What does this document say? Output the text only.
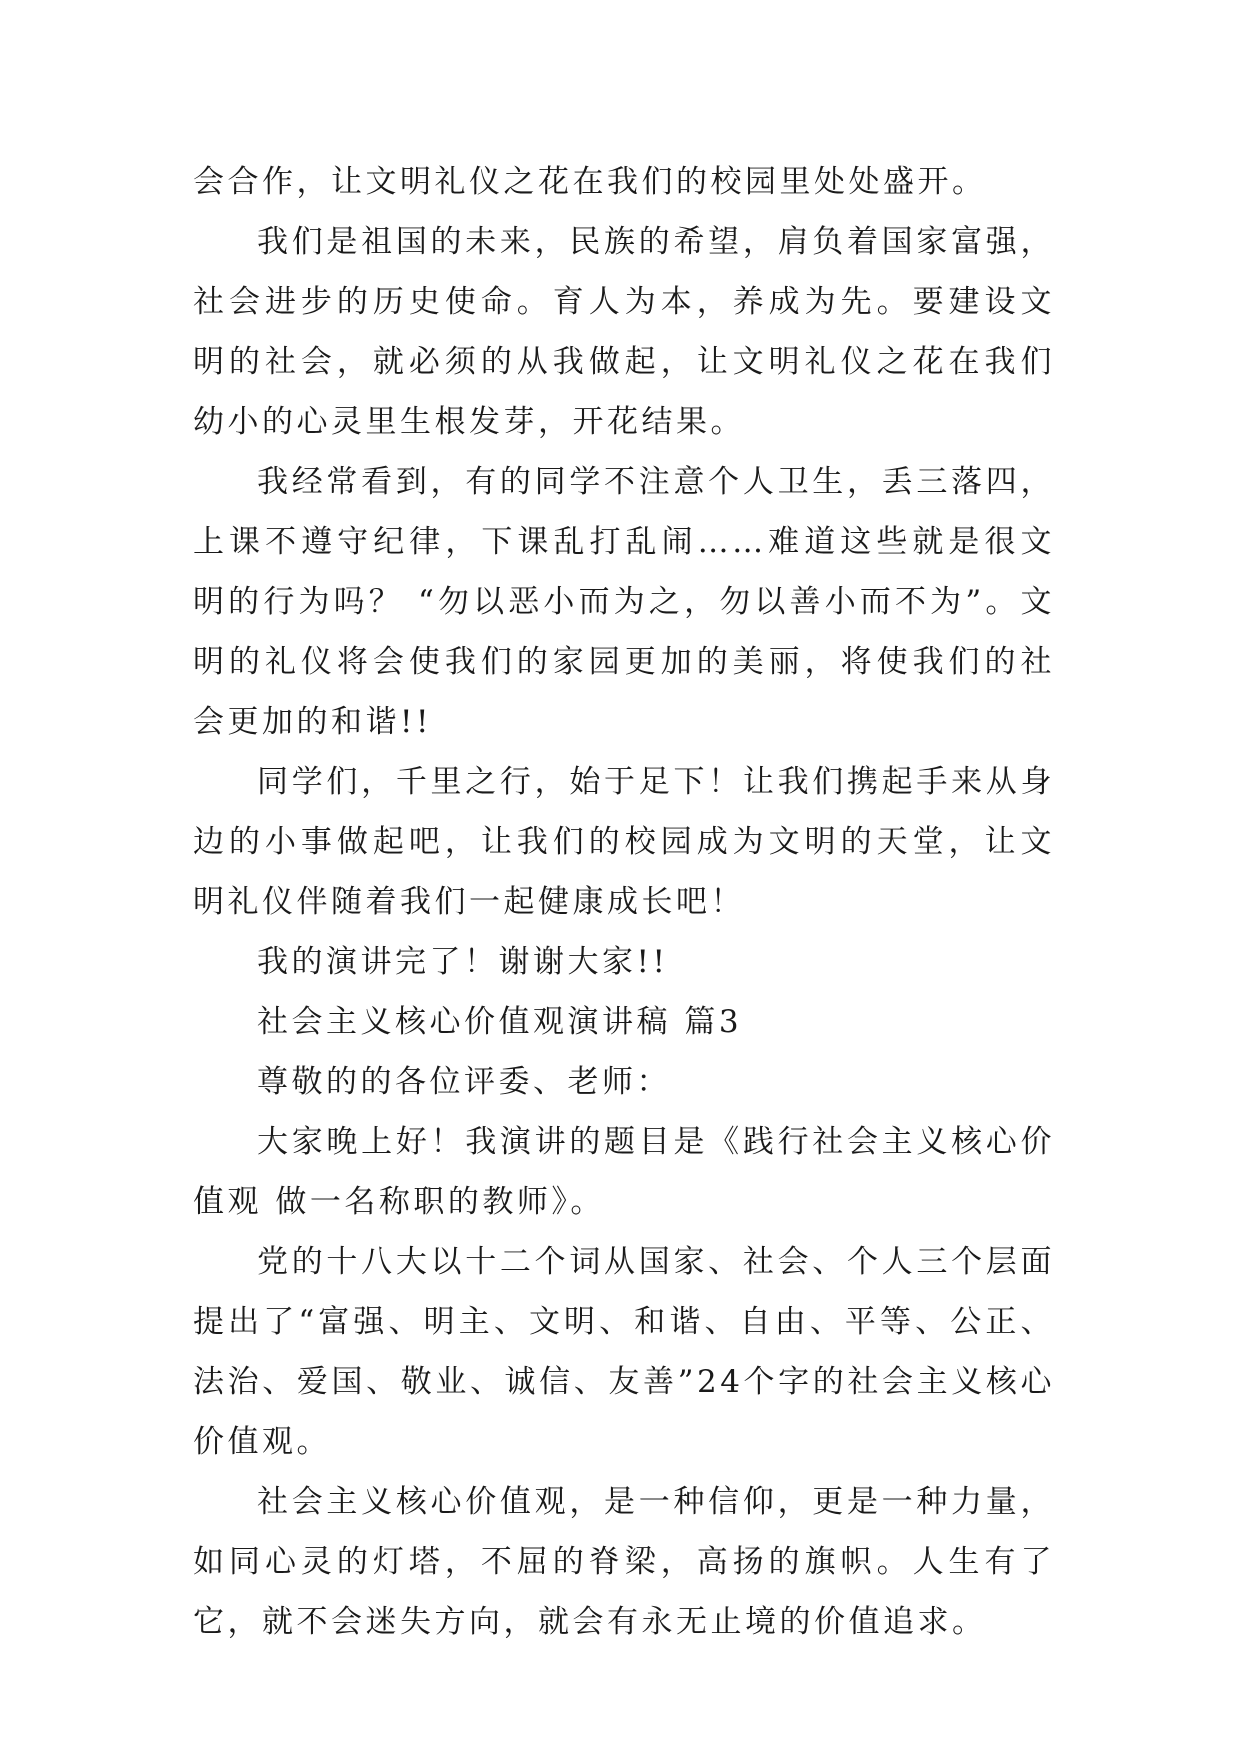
会合作，让文明礼仪之花在我们的校园里处处盛开。

我们是祖国的未来，民族的希望，肩负着国家富强，社会进步的历史使命。育人为本，养成为先。要建设文明的社会，就必须的从我做起，让文明礼仪之花在我们幼小的心灵里生根发芽，开花结果。

我经常看到，有的同学不注意个人卫生，丢三落四，上课不遵守纪律，下课乱打乱闹……难道这些就是很文明的行为吗？ “勿以恶小而为之，勿以善小而不为”。文明的礼仪将会使我们的家园更加的美丽，将使我们的社会更加的和谐!!

同学们，千里之行，始于足下！让我们携起手来从身边的小事做起吧，让我们的校园成为文明的天堂，让文明礼仪伴随着我们一起健康成长吧！

我的演讲完了！谢谢大家!!

社会主义核心价值观演讲稿 篇3

尊敬的的各位评委、老师：

大家晚上好！我演讲的题目是《践行社会主义核心价值观 做一名称职的教师》。

党的十八大以十二个词从国家、社会、个人三个层面提出了“富强、明主、文明、和谐、自由、平等、公正、法治、爱国、敬业、诚信、友善”24个字的社会主义核心价值观。

社会主义核心价值观，是一种信仰，更是一种力量，如同心灵的灯塔，不屈的脊梁，高扬的旗帜。人生有了它，就不会迷失方向，就会有永无止境的价值追求。
